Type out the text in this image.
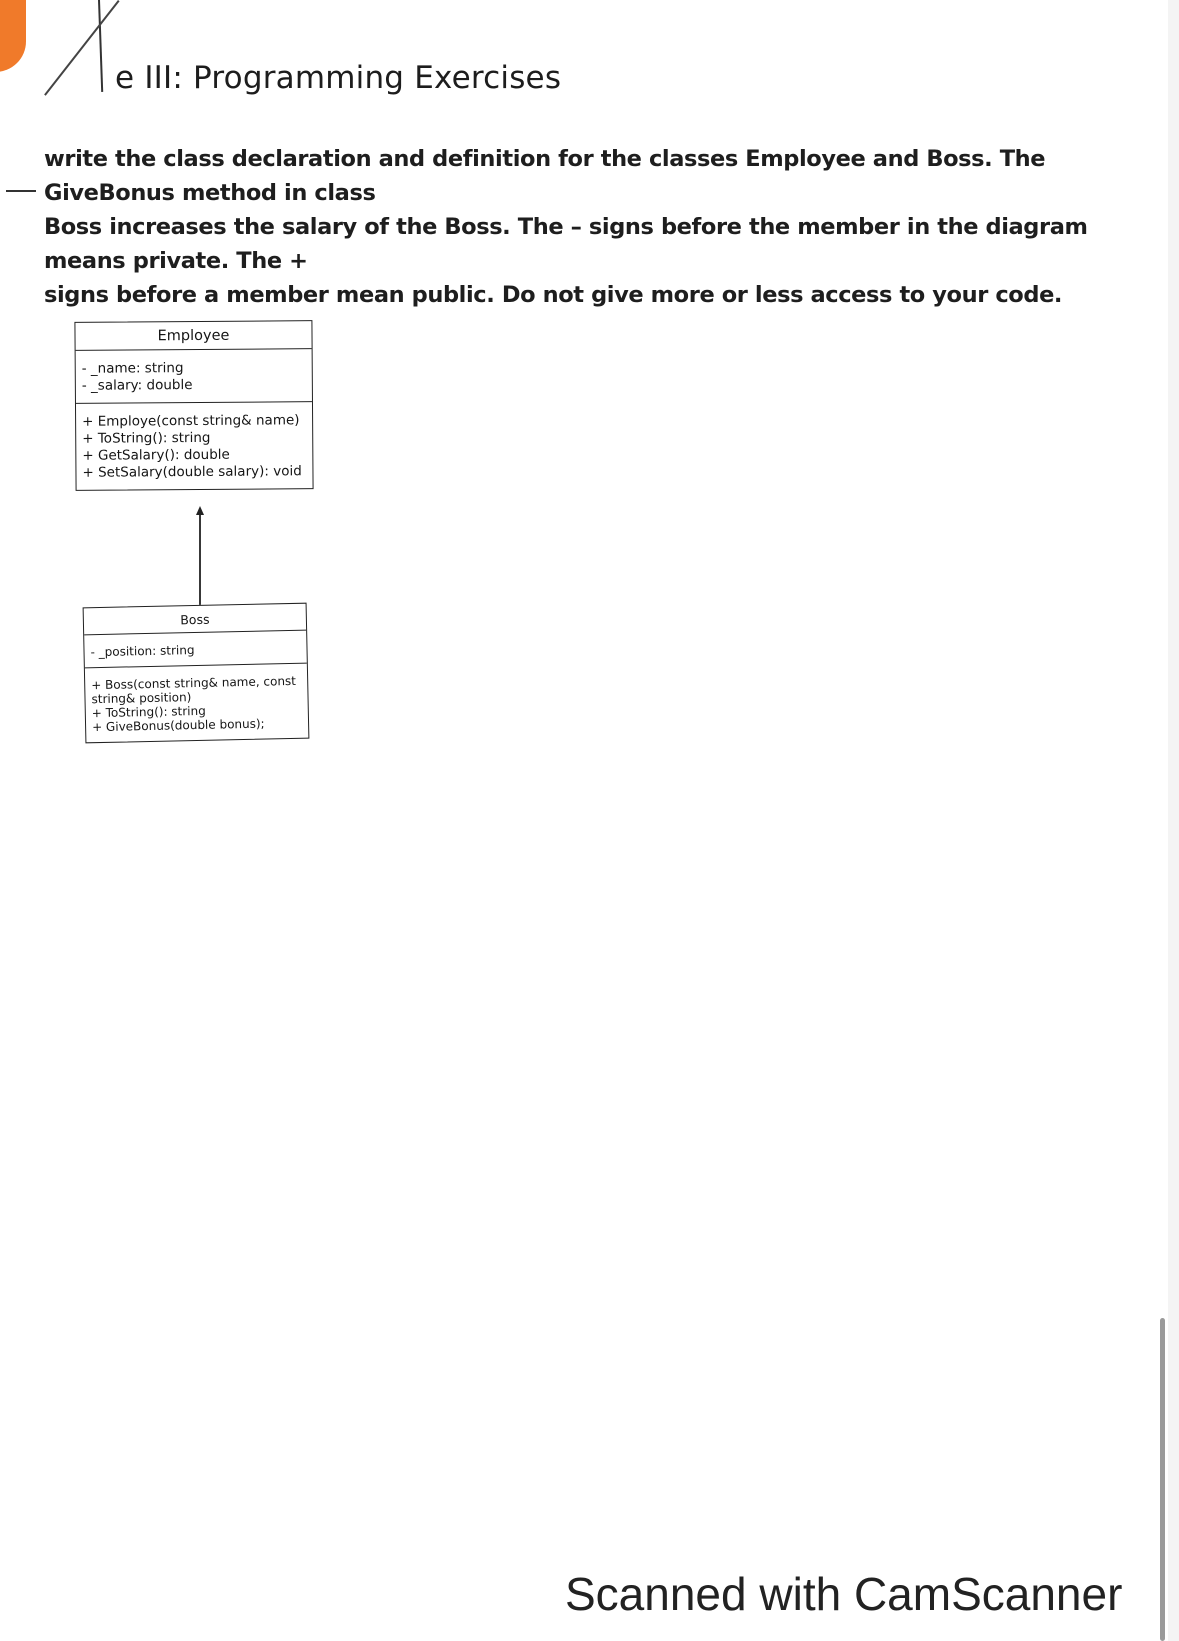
e III: Programming Exercises
write the class declaration and definition for the classes Employee and Boss. The GiveBonus method in class
Boss increases the salary of the Boss. The – signs before the member in the diagram means private. The +
signs before a member mean public. Do not give more or less access to your code.
Employee
- _name: string
- _salary: double
+ Employe(const string& name)
+ ToString(): string
+ GetSalary(): double
+ SetSalary(double salary): void
Boss
- _position: string
+ Boss(const string& name, const
string& position)
+ ToString(): string
+ GiveBonus(double bonus);

Scanned with CamScanner
